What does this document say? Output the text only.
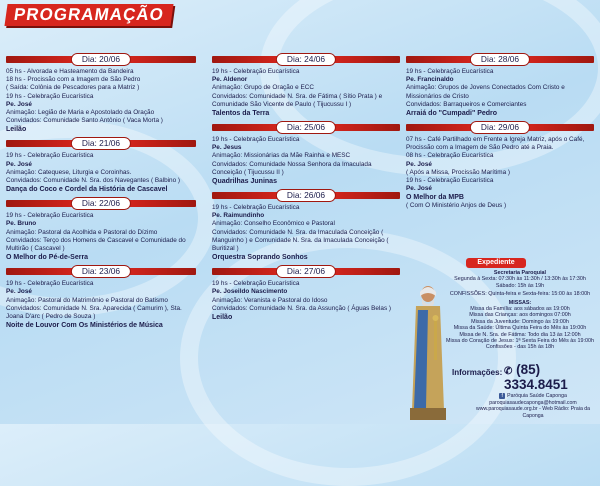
PROGRAMAÇÃO
Dia: 20/06

05 hs - Alvorada e Hasteamento da Bandeira

18 hs - Procissão com a Imagem de São Pedro

( Saída: Colônia de Pescadores para a Matriz )

19 hs - Celebração Eucarística

Pe. José

Animação: Legião de Maria e Apostolado da Oração

Convidados: Comunidade Santo Antônio ( Vaca Morta )

Leilão

Dia: 21/06

19 hs - Celebração Eucarística

Pe. José

Animação: Catequese, Liturgia e Coroinhas.

Convidados: Comunidade N. Sra. dos Navegantes ( Balbino )

Dança do Coco e Cordel da História de Cascavel

Dia: 22/06

19 hs - Celebração Eucarística

Pe. Bruno

Animação: Pastoral da Acolhida e Pastoral do Dízimo

Convidados: Terço dos Homens de Cascavel e Comunidade do Multirão ( Cascavel )

O Melhor do Pé-de-Serra

Dia: 23/06

19 hs - Celebração Eucarística

Pe. José

Animação: Pastoral do Matrimônio e Pastoral do Batismo

Convidados: Comunidade N. Sra. Aparecida ( Camurim ), Sta. Joana D'arc ( Pedro de Souza )

Noite de Louvor Com Os Ministérios de Música

Dia: 24/06

19 hs - Celebração Eucarística

Pe. Aldenor

Animação: Grupo de Oração e ECC

Convidados: Comunidade N. Sra. de Fátima ( Sítio Prata ) e Comunidade São Vicente de Paulo ( Tijucussu I )

Talentos da Terra

Dia: 25/06

19 hs - Celebração Eucarística

Pe. Jesus

Animação: Missionárias da Mãe Rainha e MESC

Convidados: Comunidade Nossa Senhora da Imaculada Conceição ( Tijucussu II )

Quadrilhas Juninas

Dia: 26/06

19 hs - Celebração Eucarística

Pe. Raimundinho

Animação: Conselho Econômico e Pastoral

Convidados: Comunidade N. Sra. da Imaculada Conceição ( Manguinho ) e Comunidade N. Sra. da Imaculada Conceição ( Buritizal )

Orquestra Soprando Sonhos

Dia: 27/06

19 hs - Celebração Eucarística

Pe. Joseildo Nascimento

Animação: Veranista e Pastoral do Idoso

Convidados: Comunidade N. Sra. da Assunção ( Águas Belas )

Leilão

Dia: 28/06

19 hs - Celebração Eucarística

Pe. Francinaldo

Animação: Grupos de Jovens Conectados Com Cristo e Missionários de Cristo

Convidados: Barraqueiros e Comerciantes

Arraiá do "Cumpadi" Pedro

Dia: 29/06

07 hs - Café Partilhado em Frente a Igreja Matriz, após o Café, Procissão com a Imagem de São Pedro até a Praia.

08 hs - Celebração Eucarística

Pe. José

( Após a Missa, Procissão Marítima )

19 hs - Celebração Eucarística

Pe. José

O Melhor da MPB

( Com O Ministério Anjos de Deus )

Expediente

Secretaria Paroquial

Segunda à Sexta: 07:30h às 11:30h / 13:30h às 17:30h

Sábado: 15h às 19h

CONFISSÕES: Quinta-feira e Sexta-feira: 15:00 às 18:00h

MISSAS:

Missa da Família: aos sábados as 19:00h

Missa das Crianças: aos domingos 07:00h

Missa da Juventude: Domingo às 19:00h

Missa da Saúde: Última Quinta Feira do Mês às 19:00h

Missa de N. Sra. de Fátima: Todo dia 13 às 12:00h

Missa do Coração de Jesus: 1ª Sexta Feira do Mês às 19:00h

Confissões - das 15h às 18h

Informações: ✆ (85) 3334.8451

f Paróquia Saúde Caponga

paroquiasaudecaponga@hotmail.com

www.paroquiasaude.org.br - Web Rádio: Praia da Caponga
